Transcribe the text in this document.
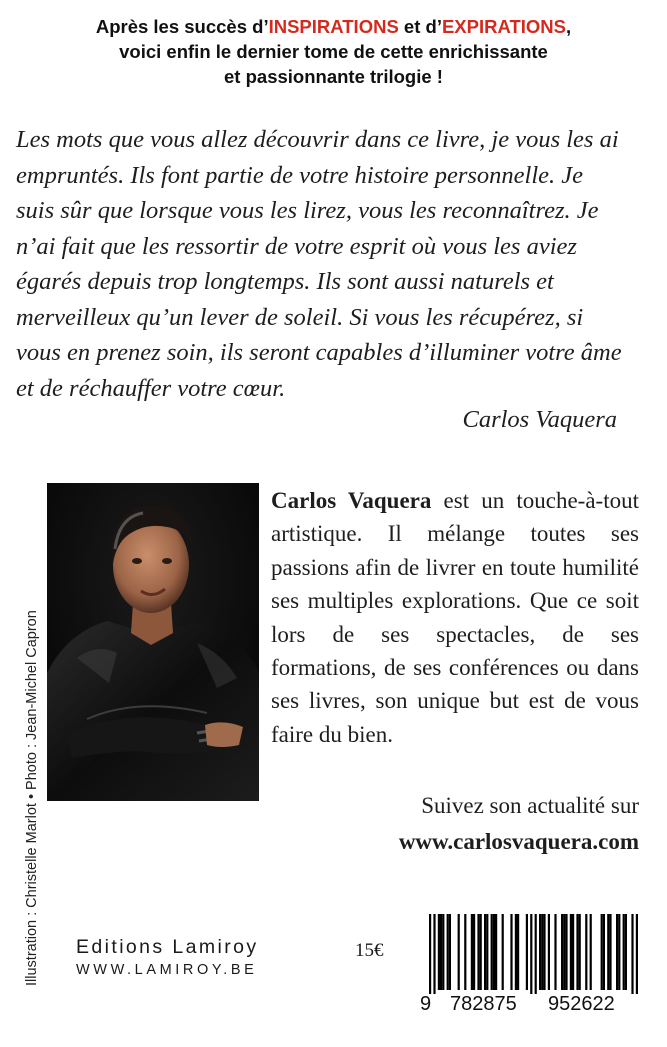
Après les succès d’INSPIRATIONS et d’EXPIRATIONS,
voici enfin le dernier tome de cette enrichissante
et passionnante trilogie !
Les mots que vous allez découvrir dans ce livre, je vous les ai empruntés. Ils font partie de votre histoire personnelle. Je suis sûr que lorsque vous les lirez, vous les reconnaîtrez. Je n’ai fait que les ressortir de votre esprit où vous les aviez égarés depuis trop longtemps. Ils sont aussi naturels et merveilleux qu’un lever de soleil. Si vous les récupérez, si vous en prenez soin, ils seront capables d’illuminer votre âme et de réchauffer votre cœur.
Carlos Vaquera
Illustration : Christelle Marlot • Photo : Jean-Michel Capron
Carlos Vaquera est un touche-à-tout artistique. Il mélange toutes ses passions afin de livrer en toute humilité ses multiples explorations. Que ce soit lors de ses spectacles, de ses formations, de ses conférences ou dans ses livres, son unique but est de vous faire du bien.
Suivez son actualité sur
www.carlosvaquera.com
Editions Lamiroy
WWW.LAMIROY.BE
15€
9 782875 952622
